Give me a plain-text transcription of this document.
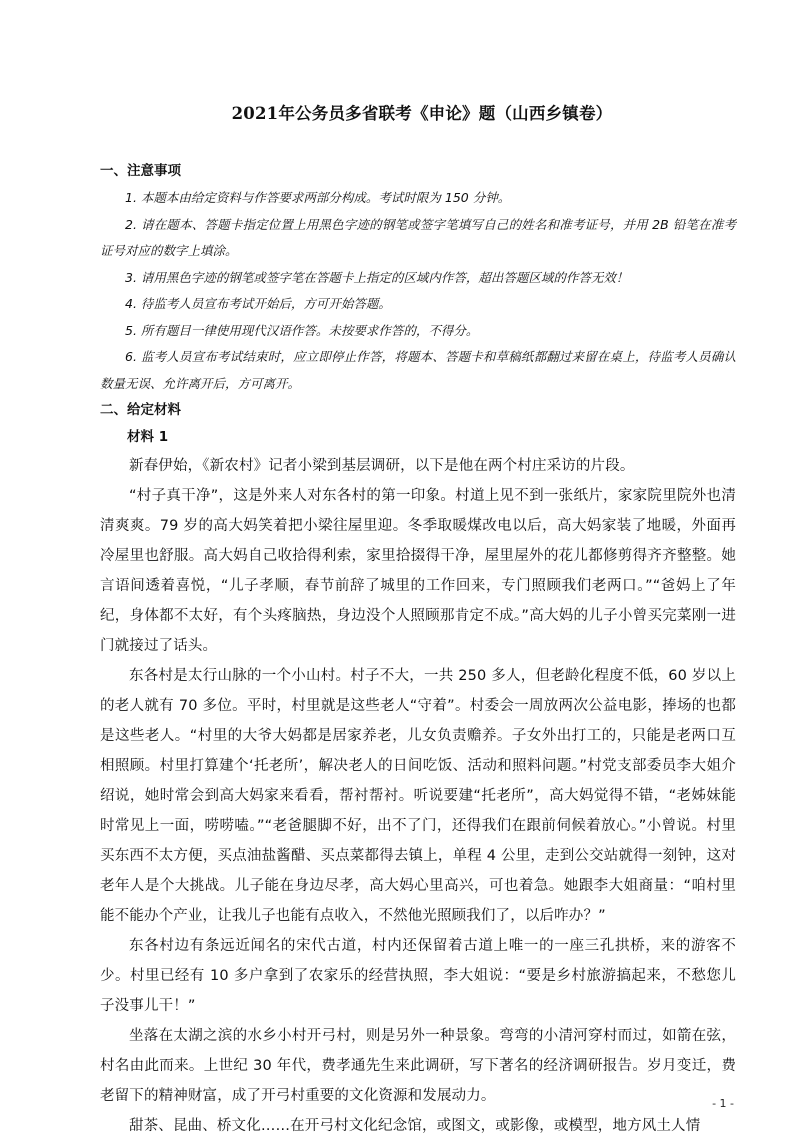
2021年公务员多省联考《申论》题（山西乡镇卷）
一、注意事项

1. 本题本由给定资料与作答要求两部分构成。考试时限为 150 分钟。

2. 请在题本、答题卡指定位置上用黑色字迹的钢笔或签字笔填写自己的姓名和准考证号，并用 2B 铅笔在准考证号对应的数字上填涂。

3. 请用黑色字迹的钢笔或签字笔在答题卡上指定的区域内作答，超出答题区域的作答无效！

4. 待监考人员宣布考试开始后，方可开始答题。

5. 所有题目一律使用现代汉语作答。未按要求作答的，不得分。

6. 监考人员宣布考试结束时，应立即停止作答，将题本、答题卡和草稿纸都翻过来留在桌上，待监考人员确认数量无误、允许离开后，方可离开。

二、给定材料
材料 1

新春伊始，《新农村》记者小梁到基层调研，以下是他在两个村庄采访的片段。

“村子真干净”，这是外来人对东各村的第一印象。村道上见不到一张纸片，家家院里院外也清清爽爽。79 岁的高大妈笑着把小梁往屋里迎。冬季取暖煤改电以后，高大妈家装了地暖，外面再冷屋里也舒服。高大妈自己收拾得利索，家里拾掇得干净，屋里屋外的花儿都修剪得齐齐整整。她言语间透着喜悦，“儿子孝顺，春节前辞了城里的工作回来，专门照顾我们老两口。”“爸妈上了年纪，身体都不太好，有个头疼脑热，身边没个人照顾那肯定不成。”高大妈的儿子小曾买完菜刚一进门就接过了话头。

东各村是太行山脉的一个小山村。村子不大，一共 250 多人，但老龄化程度不低，60 岁以上的老人就有 70 多位。平时，村里就是这些老人“守着”。村委会一周放两次公益电影，捧场的也都是这些老人。“村里的大爷大妈都是居家养老，儿女负责赡养。子女外出打工的，只能是老两口互相照顾。村里打算建个‘托老所’，解决老人的日间吃饭、活动和照料问题。”村党支部委员李大姐介绍说，她时常会到高大妈家来看看，帮衬帮衬。听说要建“托老所”，高大妈觉得不错，“老姊妹能时常见上一面，唠唠嗑。”“老爸腿脚不好，出不了门，还得我们在跟前伺候着放心。”小曾说。村里买东西不太方便，买点油盐酱醋、买点菜都得去镇上，单程 4 公里，走到公交站就得一刻钟，这对老年人是个大挑战。儿子能在身边尽孝，高大妈心里高兴，可也着急。她跟李大姐商量：“咱村里能不能办个产业，让我儿子也能有点收入，不然他光照顾我们了，以后咋办？”

东各村边有条远近闻名的宋代古道，村内还保留着古道上唯一的一座三孔拱桥，来的游客不少。村里已经有 10 多户拿到了农家乐的经营执照，李大姐说：“要是乡村旅游搞起来，不愁您儿子没事儿干！”

坐落在太湖之滨的水乡小村开弓村，则是另外一种景象。弯弯的小清河穿村而过，如箭在弦，村名由此而来。上世纪 30 年代，费孝通先生来此调研，写下著名的经济调研报告。岁月变迁，费老留下的精神财富，成了开弓村重要的文化资源和发展动力。

甜茶、昆曲、桥文化……在开弓村文化纪念馆，或图文，或影像，或模型，地方风土人情

- 1 -
